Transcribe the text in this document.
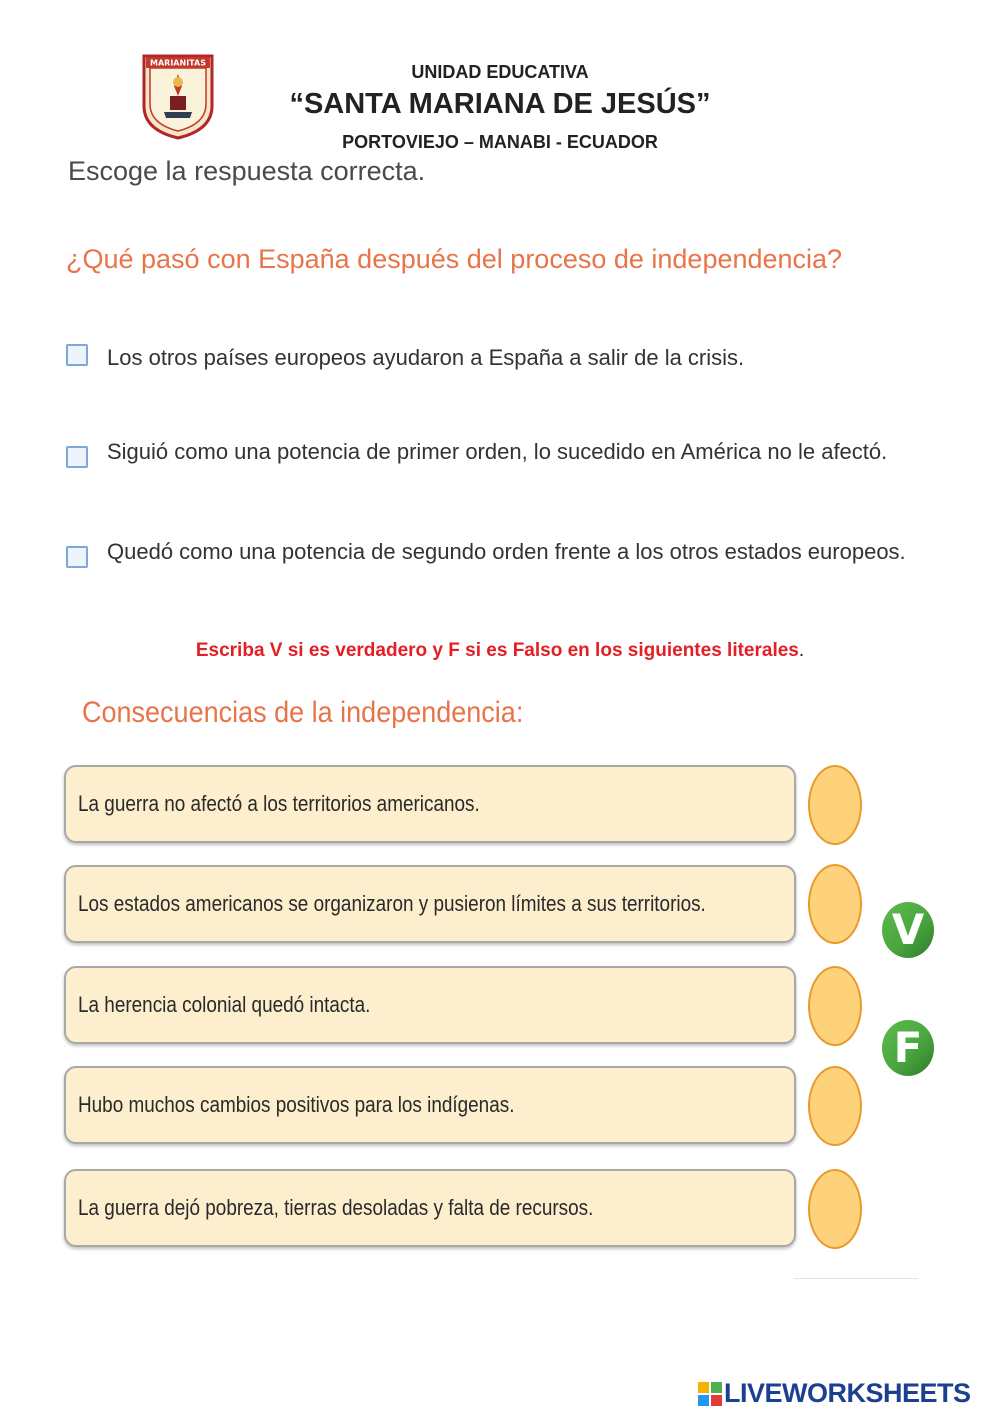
MARIANITAS	UNIDAD EDUCATIVA
“SANTA MARIANA DE JESÚS”
PORTOVIEJO – MANABI - ECUADOR
Escoge la respuesta correcta.
¿Qué pasó con España después del proceso de independencia?
Los otros países europeos ayudaron a España a salir de la crisis.
Siguió como una potencia de primer orden, lo sucedido en América no le afectó.
Quedó como una potencia de segundo orden frente a los otros estados europeos.
Escriba V si es verdadero y F si es Falso en los siguientes literales.
Consecuencias de la independencia:
La guerra no afectó a los territorios americanos.
Los estados americanos se organizaron y pusieron límites a sus territorios.
La herencia colonial quedó intacta.
Hubo muchos cambios positivos para los indígenas.
La guerra dejó pobreza, tierras desoladas y falta de recursos.
V
F
LIVEWORKSHEETS
